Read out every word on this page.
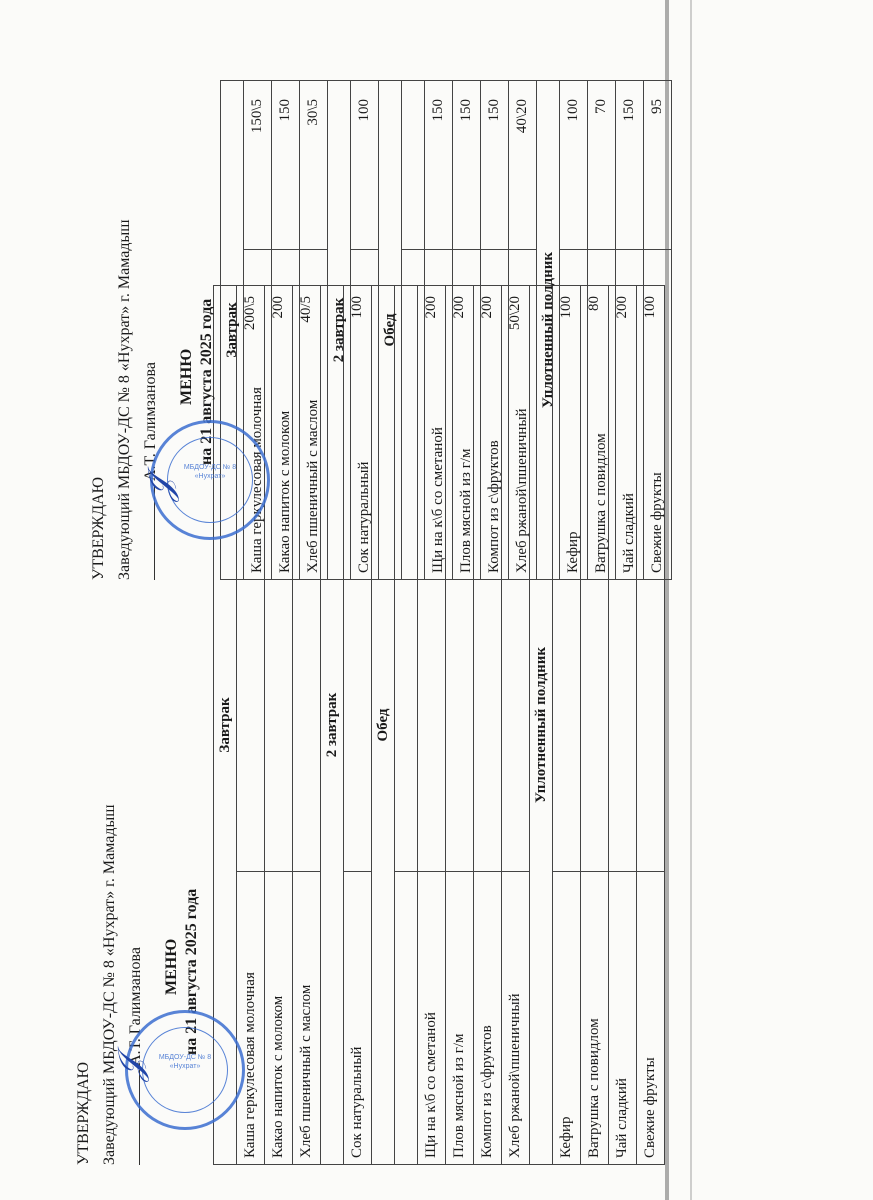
УТВЕРЖДАЮ Заведующий МБДОУ-ДС № 8 «Нухрат» г. Мамадыш А.Т. Галимзанова МЕНЮ на 21 августа 2025 года
Завтрак	
Каша геркулесовая молочная	200\5
Какао напиток с молоком	200
Хлеб пшеничный с маслом	40/5
2 завтрак	
Сок натуральный	100
Обед	

Щи на к\б со сметаной	200
Плов мясной из г/м	200
Компот из с\фруктов	200
Хлеб ржаной\пшеничный	50\20
Уплотненный полдник	
Кефир	100
Ватрушка с повидлом	80
Чай сладкий	200
Свежие фрукты	100
УТВЕРЖДАЮ Заведующий МБДОУ-ДС № 8 «Нухрат» г. Мамадыш А.Т. Галимзанова МЕНЮ на 21 августа 2025 года Завтрак	
Каша геркулесовая молочная	150\5
Какао напиток с молоком	150
Хлеб пшеничный с маслом	30\5
2 завтрак	
Сок натуральный	100
Обед	

Щи на к\б со сметаной	150
Плов мясной из г/м	150
Компот из с\фруктов	150
Хлеб ржаной\пшеничный	40\20
Уплотненный полдник	
Кефир	100
Ватрушка с повидлом	70
Чай сладкий	150
Свежие фрукты	95
МБДОУ-ДС № 8 «Нухрат»
МБДОУ-ДС № 8 «Нухрат»
𝒥
𝒥
